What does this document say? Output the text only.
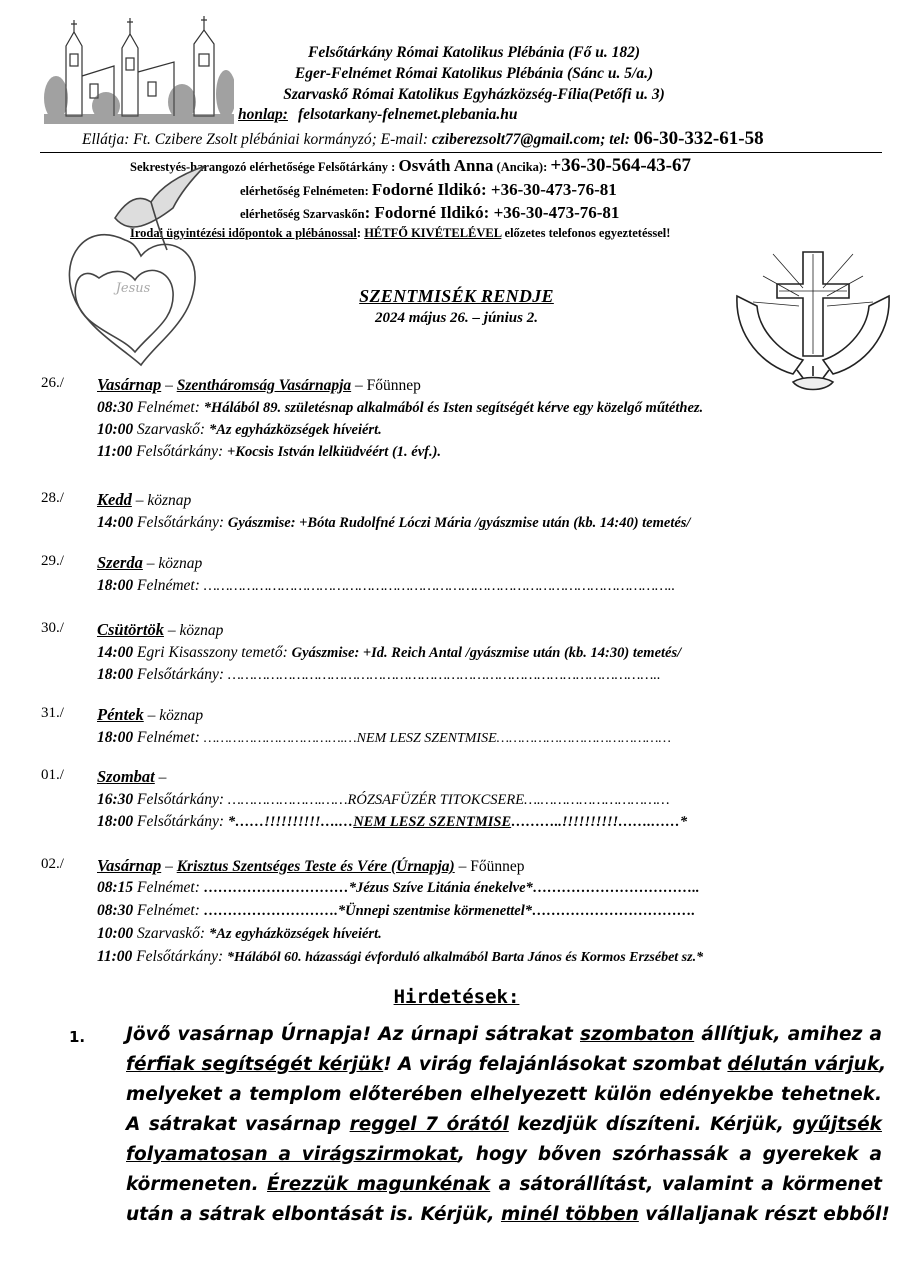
Felsőtárkány Római Katolikus Plébánia (Fő u. 182)
Eger-Felnémet Római Katolikus Plébánia (Sánc u. 5/a.)
Szarvaskő Római Katolikus Egyházközség-Fília(Petőfi u. 3)
honlap: felsotarkany-felnemet.plebania.hu
Ellátja: Ft. Czibere Zsolt plébániai kormányzó; E-mail: cziberezsolt77@gmail.com; tel: 06-30-332-61-58
Sekrestyés-harangozó elérhetősége Felsőtárkány : Osváth Anna (Ancika): +36-30-564-43-67
elérhetőség Felnémeten: Fodorné Ildikó: +36-30-473-76-81
elérhetőség Szarvaskőn: Fodorné Ildikó: +36-30-473-76-81
Irodai ügyintézési időpontok a plébánossal: HÉTFŐ KIVÉTELÉVEL előzetes telefonos egyeztetéssel!
Jesus	SZENTMISÉK RENDJE
2024 május 26. – június 2.
26./ Vasárnap – Szentháromság Vasárnapja – Főünnep
08:30 Felnémet: *Hálából 89. születésnap alkalmából és Isten segítségét kérve egy közelgő műtéthez.
10:00 Szarvaskő: *Az egyházközségek híveiért.
11:00 Felsőtárkány: +Kocsis István lelkiüdvéért (1. évf.).
28./ Kedd – köznap
14:00 Felsőtárkány: Gyászmise: +Bóta Rudolfné Lóczi Mária /gyászmise után (kb. 14:40) temetés/
29./ Szerda – köznap
18:00 Felnémet: ………………………………………………………………………………………………..
30./ Csütörtök – köznap
14:00 Egri Kisasszony temető: Gyászmise: +Id. Reich Antal /gyászmise után (kb. 14:30) temetés/
18:00 Felsőtárkány: ………………………………………………………………………………………..
31./ Péntek – köznap
18:00 Felnémet: …………………………….…NEM LESZ SZENTMISE……………………………………
01./ Szombat –
16:30 Felsőtárkány: ………………….……RÓZSAFÜZÉR TITOKCSERE….…………………………
18:00 Felsőtárkány: *……!!!!!!!!!!….…NEM LESZ SZENTMISE………..!!!!!!!!!!…….……*
02./ Vasárnap – Krisztus Szentséges Teste és Vére (Úrnapja) – Főünnep
08:15 Felnémet: …………………………*Jézus Szíve Litánia énekelve*……………………………..
08:30 Felnémet: ……………………….*Ünnepi szentmise körmenettel*…………………………….
10:00 Szarvaskő: *Az egyházközségek híveiért.
11:00 Felsőtárkány: *Hálából 60. házassági évforduló alkalmából Barta János és Kormos Erzsébet sz.*
Hirdetések:
1. Jövő vasárnap Úrnapja! Az úrnapi sátrakat szombaton állítjuk, amihez a
férfiak segítségét kérjük! A virág felajánlásokat szombat délután várjuk,
melyeket a templom előterében elhelyezett külön edényekbe tehetnek.
A sátrakat vasárnap reggel 7 órától kezdjük díszíteni. Kérjük, gyűjtsék
folyamatosan a virágszirmokat, hogy bőven szórhassák a gyerekek a
körmeneten. Érezzük magunkénak a sátorállítást, valamint a körmenet
után a sátrak elbontását is. Kérjük, minél többen vállaljanak részt ebből!
